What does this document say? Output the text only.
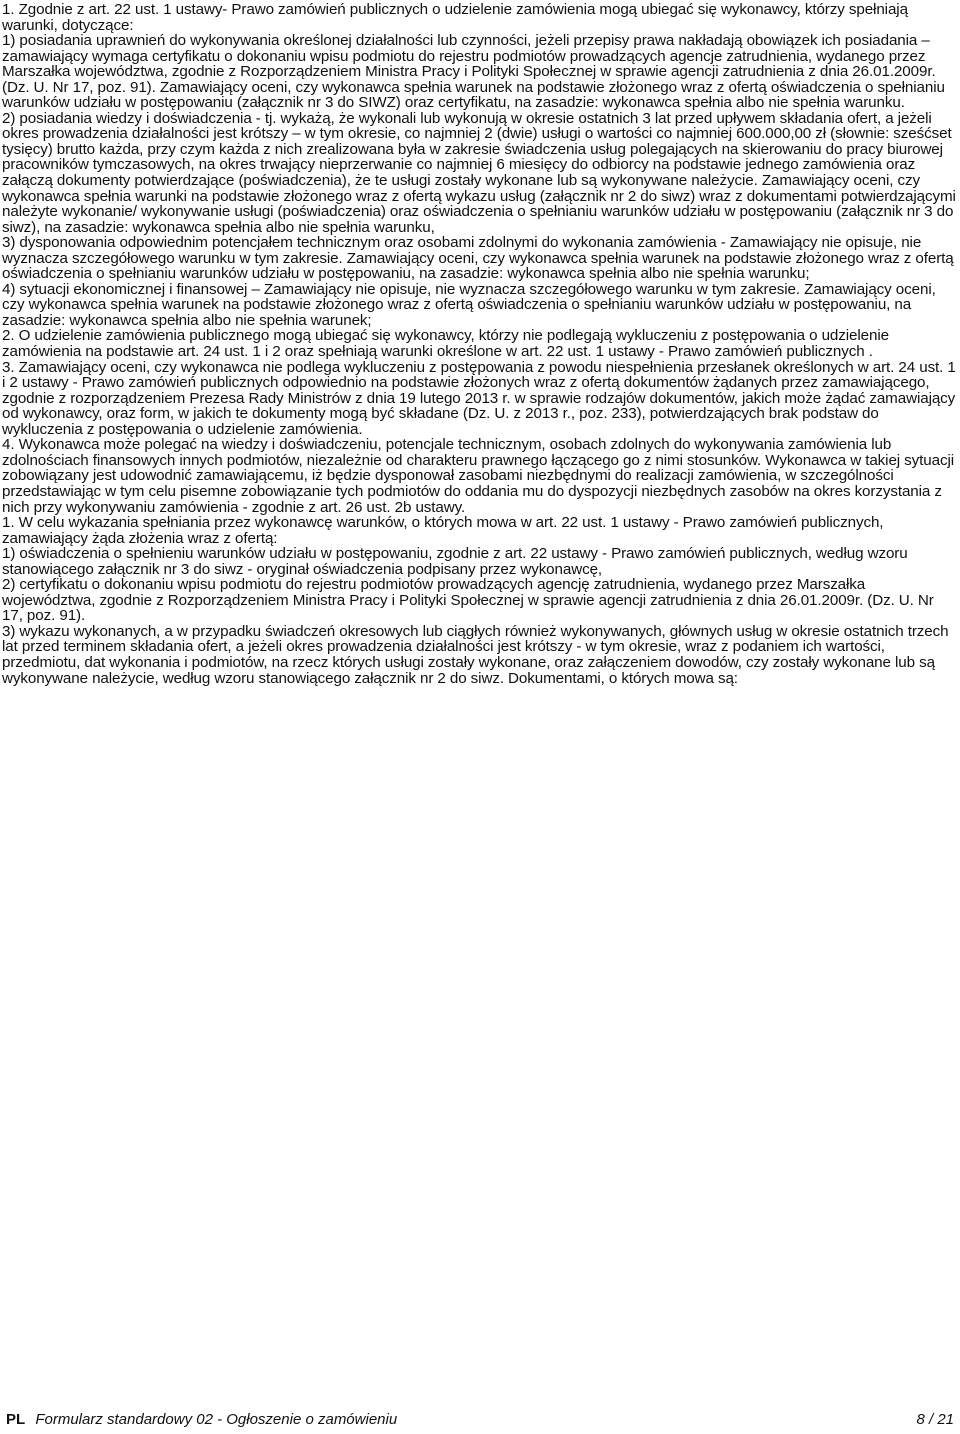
1. Zgodnie z art. 22 ust. 1 ustawy- Prawo zamówień publicznych o udzielenie zamówienia mogą ubiegać się wykonawcy, którzy spełniają warunki, dotyczące:

1) posiadania uprawnień do wykonywania określonej działalności lub czynności, jeżeli przepisy prawa nakładają obowiązek ich posiadania – zamawiający wymaga certyfikatu o dokonaniu wpisu podmiotu do rejestru podmiotów prowadzących agencje zatrudnienia, wydanego przez Marszałka województwa, zgodnie z Rozporządzeniem Ministra Pracy i Polityki Społecznej w sprawie agencji zatrudnienia z dnia 26.01.2009r. (Dz. U. Nr 17, poz. 91). Zamawiający oceni, czy wykonawca spełnia warunek na podstawie złożonego wraz z ofertą oświadczenia o spełnianiu warunków udziału w postępowaniu (załącznik nr 3 do SIWZ) oraz certyfikatu, na zasadzie: wykonawca spełnia albo nie spełnia warunku.

2) posiadania wiedzy i doświadczenia - tj. wykażą, że wykonali lub wykonują w okresie ostatnich 3 lat przed upływem składania ofert, a jeżeli okres prowadzenia działalności jest krótszy – w tym okresie, co najmniej 2 (dwie) usługi o wartości co najmniej 600.000,00 zł (słownie: sześćset tysięcy) brutto każda, przy czym każda z nich zrealizowana była w zakresie świadczenia usług polegających na skierowaniu do pracy biurowej pracowników tymczasowych, na okres trwający nieprzerwanie co najmniej 6 miesięcy do odbiorcy na podstawie jednego zamówienia oraz załączą dokumenty potwierdzające (poświadczenia), że te usługi zostały wykonane lub są wykonywane należycie. Zamawiający oceni, czy wykonawca spełnia warunki na podstawie złożonego wraz z ofertą wykazu usług (załącznik nr 2 do siwz) wraz z dokumentami potwierdzającymi należyte wykonanie/ wykonywanie usługi (poświadczenia) oraz oświadczenia o spełnianiu warunków udziału w postępowaniu (załącznik nr 3 do siwz), na zasadzie: wykonawca spełnia albo nie spełnia warunku,

3) dysponowania odpowiednim potencjałem technicznym oraz osobami zdolnymi do wykonania zamówienia - Zamawiający nie opisuje, nie wyznacza szczegółowego warunku w tym zakresie. Zamawiający oceni, czy wykonawca spełnia warunek na podstawie złożonego wraz z ofertą oświadczenia o spełnianiu warunków udziału w postępowaniu, na zasadzie: wykonawca spełnia albo nie spełnia warunku;

4) sytuacji ekonomicznej i finansowej – Zamawiający nie opisuje, nie wyznacza szczegółowego warunku w tym zakresie. Zamawiający oceni, czy wykonawca spełnia warunek na podstawie złożonego wraz z ofertą oświadczenia o spełnianiu warunków udziału w postępowaniu, na zasadzie: wykonawca spełnia albo nie spełnia warunek;

2. O udzielenie zamówienia publicznego mogą ubiegać się wykonawcy, którzy nie podlegają wykluczeniu z postępowania o udzielenie zamówienia na podstawie art. 24 ust. 1 i 2 oraz spełniają warunki określone w art. 22 ust. 1 ustawy - Prawo zamówień publicznych .

3. Zamawiający oceni, czy wykonawca nie podlega wykluczeniu z postępowania z powodu niespełnienia przesłanek określonych w art. 24 ust. 1 i 2 ustawy - Prawo zamówień publicznych odpowiednio na podstawie złożonych wraz z ofertą dokumentów żądanych przez zamawiającego, zgodnie z rozporządzeniem Prezesa Rady Ministrów z dnia 19 lutego 2013 r. w sprawie rodzajów dokumentów, jakich może żądać zamawiający od wykonawcy, oraz form, w jakich te dokumenty mogą być składane (Dz. U. z 2013 r., poz. 233), potwierdzających brak podstaw do wykluczenia z postępowania o udzielenie zamówienia.

4. Wykonawca może polegać na wiedzy i doświadczeniu, potencjale technicznym, osobach zdolnych do wykonywania zamówienia lub zdolnościach finansowych innych podmiotów, niezależnie od charakteru prawnego łączącego go z nimi stosunków. Wykonawca w takiej sytuacji zobowiązany jest udowodnić zamawiającemu, iż będzie dysponował zasobami niezbędnymi do realizacji zamówienia, w szczególności przedstawiając w tym celu pisemne zobowiązanie tych podmiotów do oddania mu do dyspozycji niezbędnych zasobów na okres korzystania z nich przy wykonywaniu zamówienia - zgodnie z art. 26 ust. 2b ustawy.

1. W celu wykazania spełniania przez wykonawcę warunków, o których mowa w art. 22 ust. 1 ustawy - Prawo zamówień publicznych, zamawiający żąda złożenia wraz z ofertą:

1) oświadczenia o spełnieniu warunków udziału w postępowaniu, zgodnie z art. 22 ustawy - Prawo zamówień publicznych, według wzoru stanowiącego załącznik nr 3 do siwz - oryginał oświadczenia podpisany przez wykonawcę,

2) certyfikatu o dokonaniu wpisu podmiotu do rejestru podmiotów prowadzących agencję zatrudnienia, wydanego przez Marszałka województwa, zgodnie z Rozporządzeniem Ministra Pracy i Polityki Społecznej w sprawie agencji zatrudnienia z dnia 26.01.2009r. (Dz. U. Nr 17, poz. 91).

3) wykazu wykonanych, a w przypadku świadczeń okresowych lub ciągłych również wykonywanych, głównych usług w okresie ostatnich trzech lat przed terminem składania ofert, a jeżeli okres prowadzenia działalności jest krótszy - w tym okresie, wraz z podaniem ich wartości, przedmiotu, dat wykonania i podmiotów, na rzecz których usługi zostały wykonane, oraz załączeniem dowodów, czy zostały wykonane lub są wykonywane należycie, według wzoru stanowiącego załącznik nr 2 do siwz. Dokumentami, o których mowa są:

PL Formularz standardowy 02 - Ogłoszenie o zamówieniu	8 / 21
